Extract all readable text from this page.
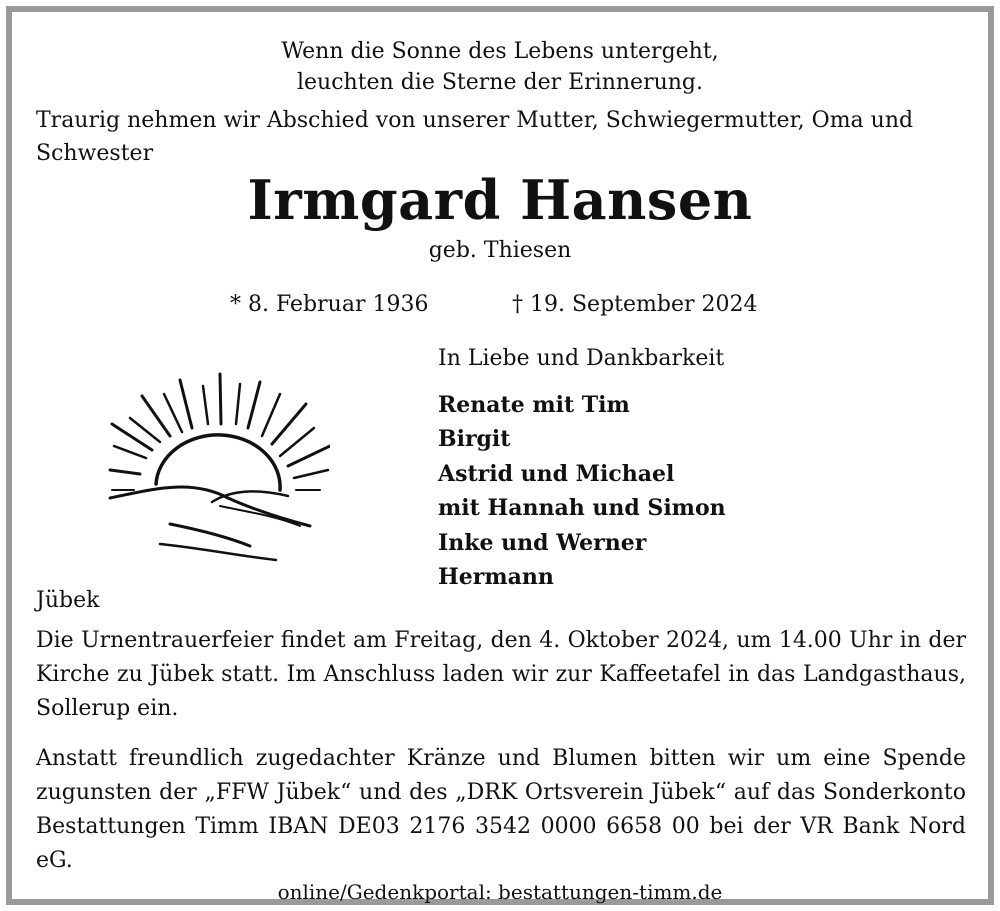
Wenn die Sonne des Lebens untergeht,
leuchten die Sterne der Erinnerung.
Traurig nehmen wir Abschied von unserer Mutter, Schwiegermutter, Oma und Schwester
Irmgard Hansen
geb. Thiesen
* 8. Februar 1936	† 19. September 2024
In Liebe und Dankbarkeit
Renate mit Tim
Birgit
Astrid und Michael
mit Hannah und Simon
Inke und Werner
Hermann
Jübek
Die Urnentrauerfeier findet am Freitag, den 4. Oktober 2024, um 14.00 Uhr in der Kirche zu Jübek statt. Im Anschluss laden wir zur Kaffeetafel in das Landgasthaus, Sollerup ein.
Anstatt freundlich zugedachter Kränze und Blumen bitten wir um eine Spende zugunsten der „FFW Jübek“ und des „DRK Ortsverein Jübek“ auf das Sonderkonto Bestattungen Timm IBAN DE03 2176 3542 0000 6658 00 bei der VR Bank Nord eG.
online/Gedenkportal: bestattungen-timm.de
